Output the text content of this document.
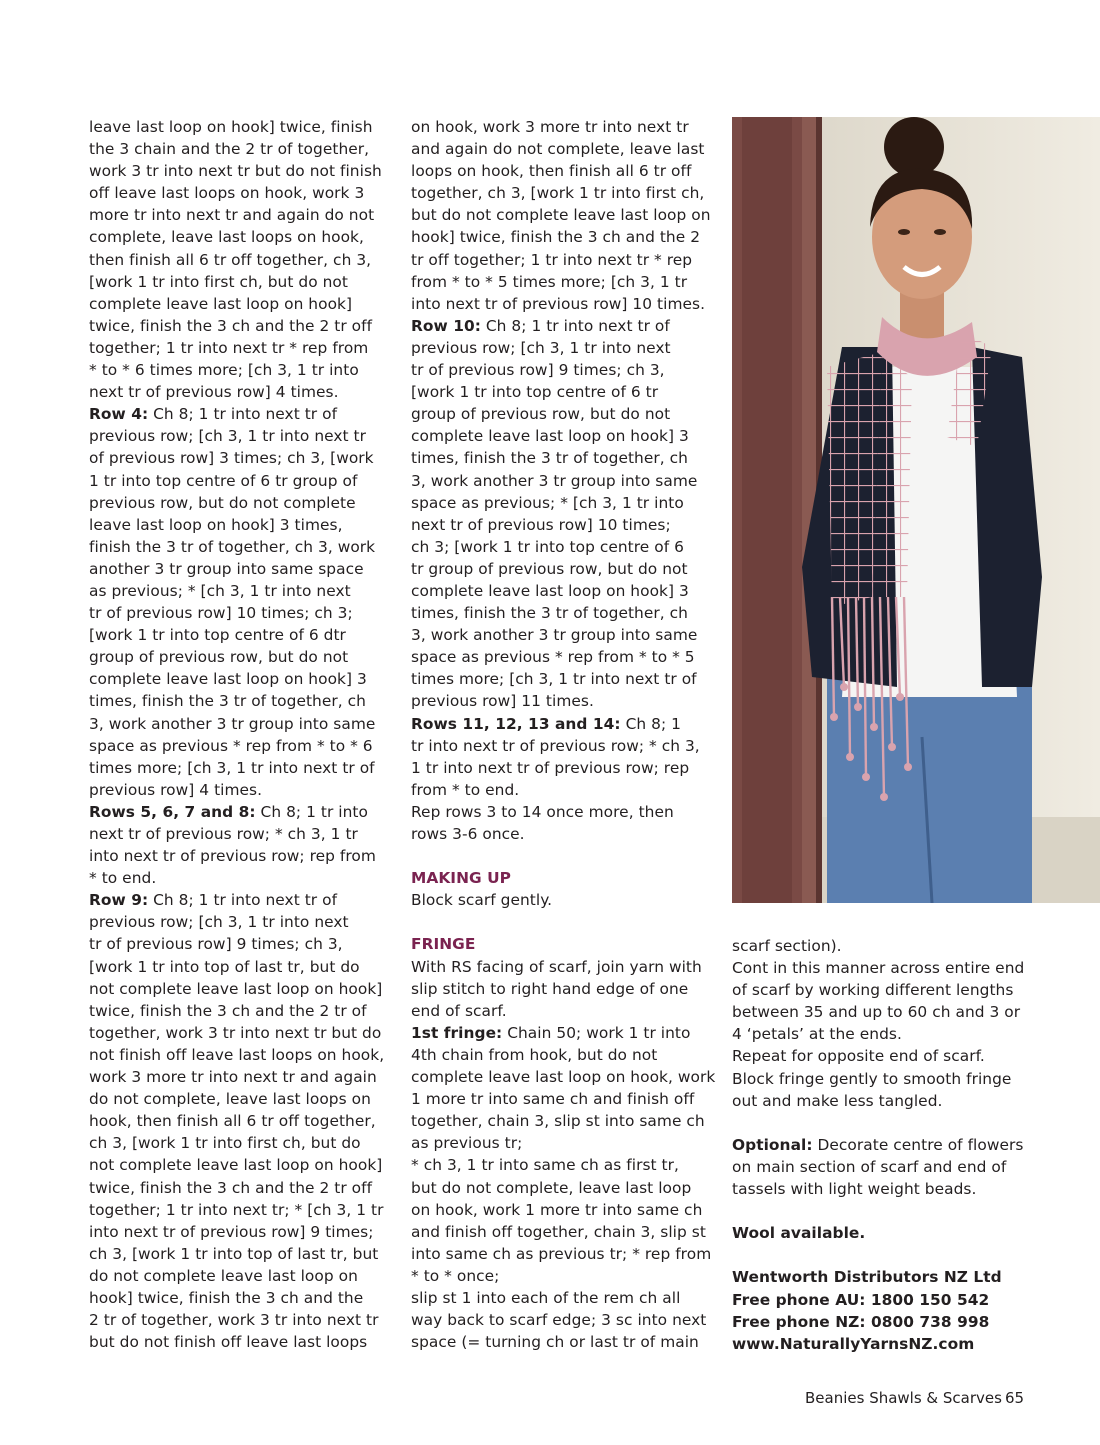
leave last loop on hook] twice, finish

the 3 chain and the 2 tr of together,

work 3 tr into next tr but do not finish

off leave last loops on hook, work 3

more tr into next tr and again do not

complete, leave last loops on hook,

then finish all 6 tr off together, ch 3,

[work 1 tr into first ch, but do not

complete leave last loop on hook]

twice, finish the 3 ch and the 2 tr off

together; 1 tr into next tr * rep from

* to * 6 times more; [ch 3, 1 tr into

next tr of previous row] 4 times.

Row 4: Ch 8; 1 tr into next tr of

previous row; [ch 3, 1 tr into next tr

of previous row] 3 times; ch 3, [work

1 tr into top centre of 6 tr group of

previous row, but do not complete

leave last loop on hook] 3 times,

finish the 3 tr of together, ch 3, work

another 3 tr group into same space

as previous; * [ch 3, 1 tr into next

tr of previous row] 10 times; ch 3;

[work 1 tr into top centre of 6 dtr

group of previous row, but do not

complete leave last loop on hook] 3

times, finish the 3 tr of together, ch

3, work another 3 tr group into same

space as previous * rep from * to * 6

times more; [ch 3, 1 tr into next tr of

previous row] 4 times.

Rows 5, 6, 7 and 8: Ch 8; 1 tr into

next tr of previous row; * ch 3, 1 tr

into next tr of previous row; rep from

* to end.

Row 9: Ch 8; 1 tr into next tr of

previous row; [ch 3, 1 tr into next

tr of previous row] 9 times; ch 3,

[work 1 tr into top of last tr, but do

not complete leave last loop on hook]

twice, finish the 3 ch and the 2 tr of

together, work 3 tr into next tr but do

not finish off leave last loops on hook,

work 3 more tr into next tr and again

do not complete, leave last loops on

hook, then finish all 6 tr off together,

ch 3, [work 1 tr into first ch, but do

not complete leave last loop on hook]

twice, finish the 3 ch and the 2 tr off

together; 1 tr into next tr; * [ch 3, 1 tr

into next tr of previous row] 9 times;

ch 3, [work 1 tr into top of last tr, but

do not complete leave last loop on

hook] twice, finish the 3 ch and the

2 tr of together, work 3 tr into next tr

but do not finish off leave last loops

on hook, work 3 more tr into next tr

and again do not complete, leave last

loops on hook, then finish all 6 tr off

together, ch 3, [work 1 tr into first ch,

but do not complete leave last loop on

hook] twice, finish the 3 ch and the 2

tr off together; 1 tr into next tr * rep

from * to * 5 times more; [ch 3, 1 tr

into next tr of previous row] 10 times.

Row 10: Ch 8; 1 tr into next tr of

previous row; [ch 3, 1 tr into next

tr of previous row] 9 times; ch 3,

[work 1 tr into top centre of 6 tr

group of previous row, but do not

complete leave last loop on hook] 3

times, finish the 3 tr of together, ch

3, work another 3 tr group into same

space as previous; * [ch 3, 1 tr into

next tr of previous row] 10 times;

ch 3; [work 1 tr into top centre of 6

tr group of previous row, but do not

complete leave last loop on hook] 3

times, finish the 3 tr of together, ch

3, work another 3 tr group into same

space as previous * rep from * to * 5

times more; [ch 3, 1 tr into next tr of

previous row] 11 times.

Rows 11, 12, 13 and 14: Ch 8; 1

tr into next tr of previous row; * ch 3,

1 tr into next tr of previous row; rep

from * to end.

Rep rows 3 to 14 once more, then

rows 3-6 once.

MAKING UP

Block scarf gently.

FRINGE

With RS facing of scarf, join yarn with

slip stitch to right hand edge of one

end of scarf.

1st fringe: Chain 50; work 1 tr into

4th chain from hook, but do not

complete leave last loop on hook, work

1 more tr into same ch and finish off

together, chain 3, slip st into same ch

as previous tr;

* ch 3, 1 tr into same ch as first tr,

but do not complete, leave last loop

on hook, work 1 more tr into same ch

and finish off together, chain 3, slip st

into same ch as previous tr; * rep from

* to * once;

slip st 1 into each of the rem ch all

way back to scarf edge; 3 sc into next

space (= turning ch or last tr of main

scarf section).

Cont in this manner across entire end

of scarf by working different lengths

between 35 and up to 60 ch and 3 or

4 ‘petals’ at the ends.

Repeat for opposite end of scarf.

Block fringe gently to smooth fringe

out and make less tangled.

Optional: Decorate centre of flowers

on main section of scarf and end of

tassels with light weight beads.

Wool available.

Wentworth Distributors NZ Ltd

Free phone AU: 1800 150 542

Free phone NZ: 0800 738 998

www.NaturallyYarnsNZ.com

Beanies Shawls & Scarves 65
